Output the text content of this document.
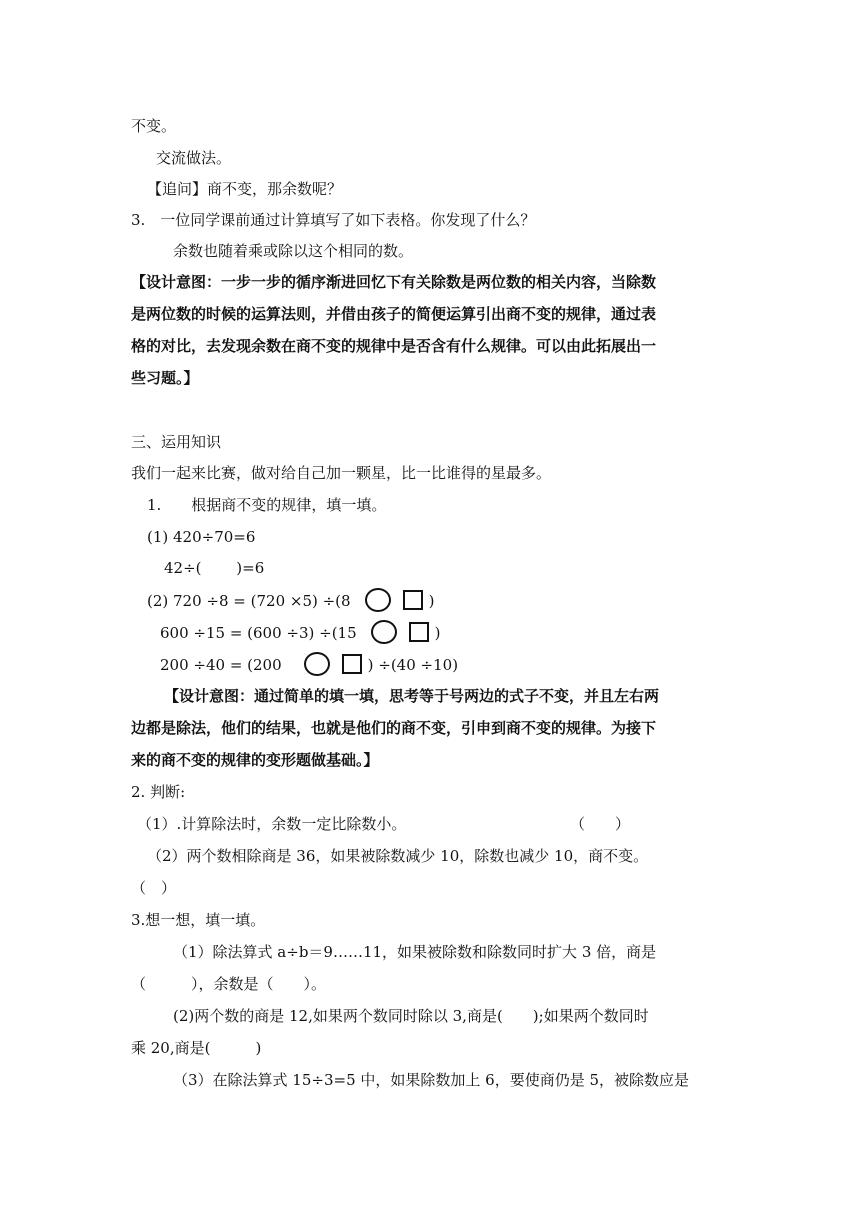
不变。
交流做法。
【追问】商不变，那余数呢？
3.　一位同学课前通过计算填写了如下表格。你发现了什么？
余数也随着乘或除以这个相同的数。
【设计意图：一步一步的循序渐进回忆下有关除数是两位数的相关内容，当除数
是两位数的时候的运算法则，并借由孩子的简便运算引出商不变的规律，通过表
格的对比，去发现余数在商不变的规律中是否含有什么规律。可以由此拓展出一
些习题。】
三、运用知识
我们一起来比赛，做对给自己加一颗星，比一比谁得的星最多。
1.　　根据商不变的规律，填一填。
(1) 420÷70=6
42÷(　　 )=6
(2) 720 ÷8 = (720 ×5) ÷(8	)
600 ÷15 = (600 ÷3) ÷(15	)
200 ÷40 = (200	) ÷(40 ÷10)
【设计意图：通过简单的填一填，思考等于号两边的式子不变，并且左右两
边都是除法，他们的结果，也就是他们的商不变，引申到商不变的规律。为接下
来的商不变的规律的变形题做基础。】
2. 判断:
（1）.计算除法时，余数一定比除数小。	（　　）
（2）两个数相除商是 36，如果被除数减少 10，除数也减少 10，商不变。
（　）
3.想一想，填一填。
（1）除法算式 a÷b＝9……11，如果被除数和除数同时扩大 3 倍，商是
（　　　），余数是（　　）。
(2)两个数的商是 12,如果两个数同时除以 3,商是(　　);如果两个数同时
乘 20,商是(　　　)
（3）在除法算式 15÷3=5 中，如果除数加上 6，要使商仍是 5，被除数应是
